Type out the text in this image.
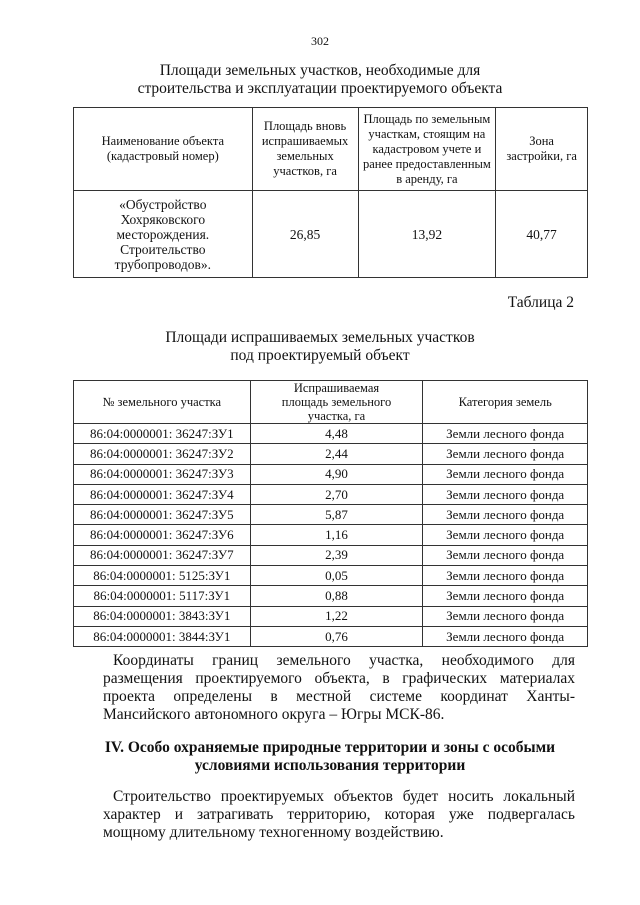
302
Площади земельных участков, необходимые для
строительства и эксплуатации проектируемого объекта
Наименование объекта (кадастровый номер)	Площадь вновь испрашиваемых земельных участков, га	Площадь по земельным участкам, стоящим на кадастровом учете и ранее предоставленным в аренду, га	Зона застройки, га
«Обустройство Хохряковского месторождения. Строительство трубопроводов».	26,85	13,92	40,77
Таблица 2
Площади испрашиваемых земельных участков
под проектируемый объект
№ земельного участка	Испрашиваемая площадь земельного участка, га	Категория земель
86:04:0000001: 36247:ЗУ1	4,48	Земли лесного фонда
86:04:0000001: 36247:ЗУ2	2,44	Земли лесного фонда
86:04:0000001: 36247:ЗУ3	4,90	Земли лесного фонда
86:04:0000001: 36247:ЗУ4	2,70	Земли лесного фонда
86:04:0000001: 36247:ЗУ5	5,87	Земли лесного фонда
86:04:0000001: 36247:ЗУ6	1,16	Земли лесного фонда
86:04:0000001: 36247:ЗУ7	2,39	Земли лесного фонда
86:04:0000001: 5125:ЗУ1	0,05	Земли лесного фонда
86:04:0000001: 5117:ЗУ1	0,88	Земли лесного фонда
86:04:0000001: 3843:ЗУ1	1,22	Земли лесного фонда
86:04:0000001: 3844:ЗУ1	0,76	Земли лесного фонда
Координаты границ земельного участка, необходимого для размещения проектируемого объекта, в графических материалах проекта определены в местной системе координат Ханты-Мансийского автономного округа – Югры МСК-86.
IV. Особо охраняемые природные территории и зоны с особыми условиями использования территории
Строительство проектируемых объектов будет носить локальный характер и затрагивать территорию, которая уже подвергалась мощному длительному техногенному воздействию.
